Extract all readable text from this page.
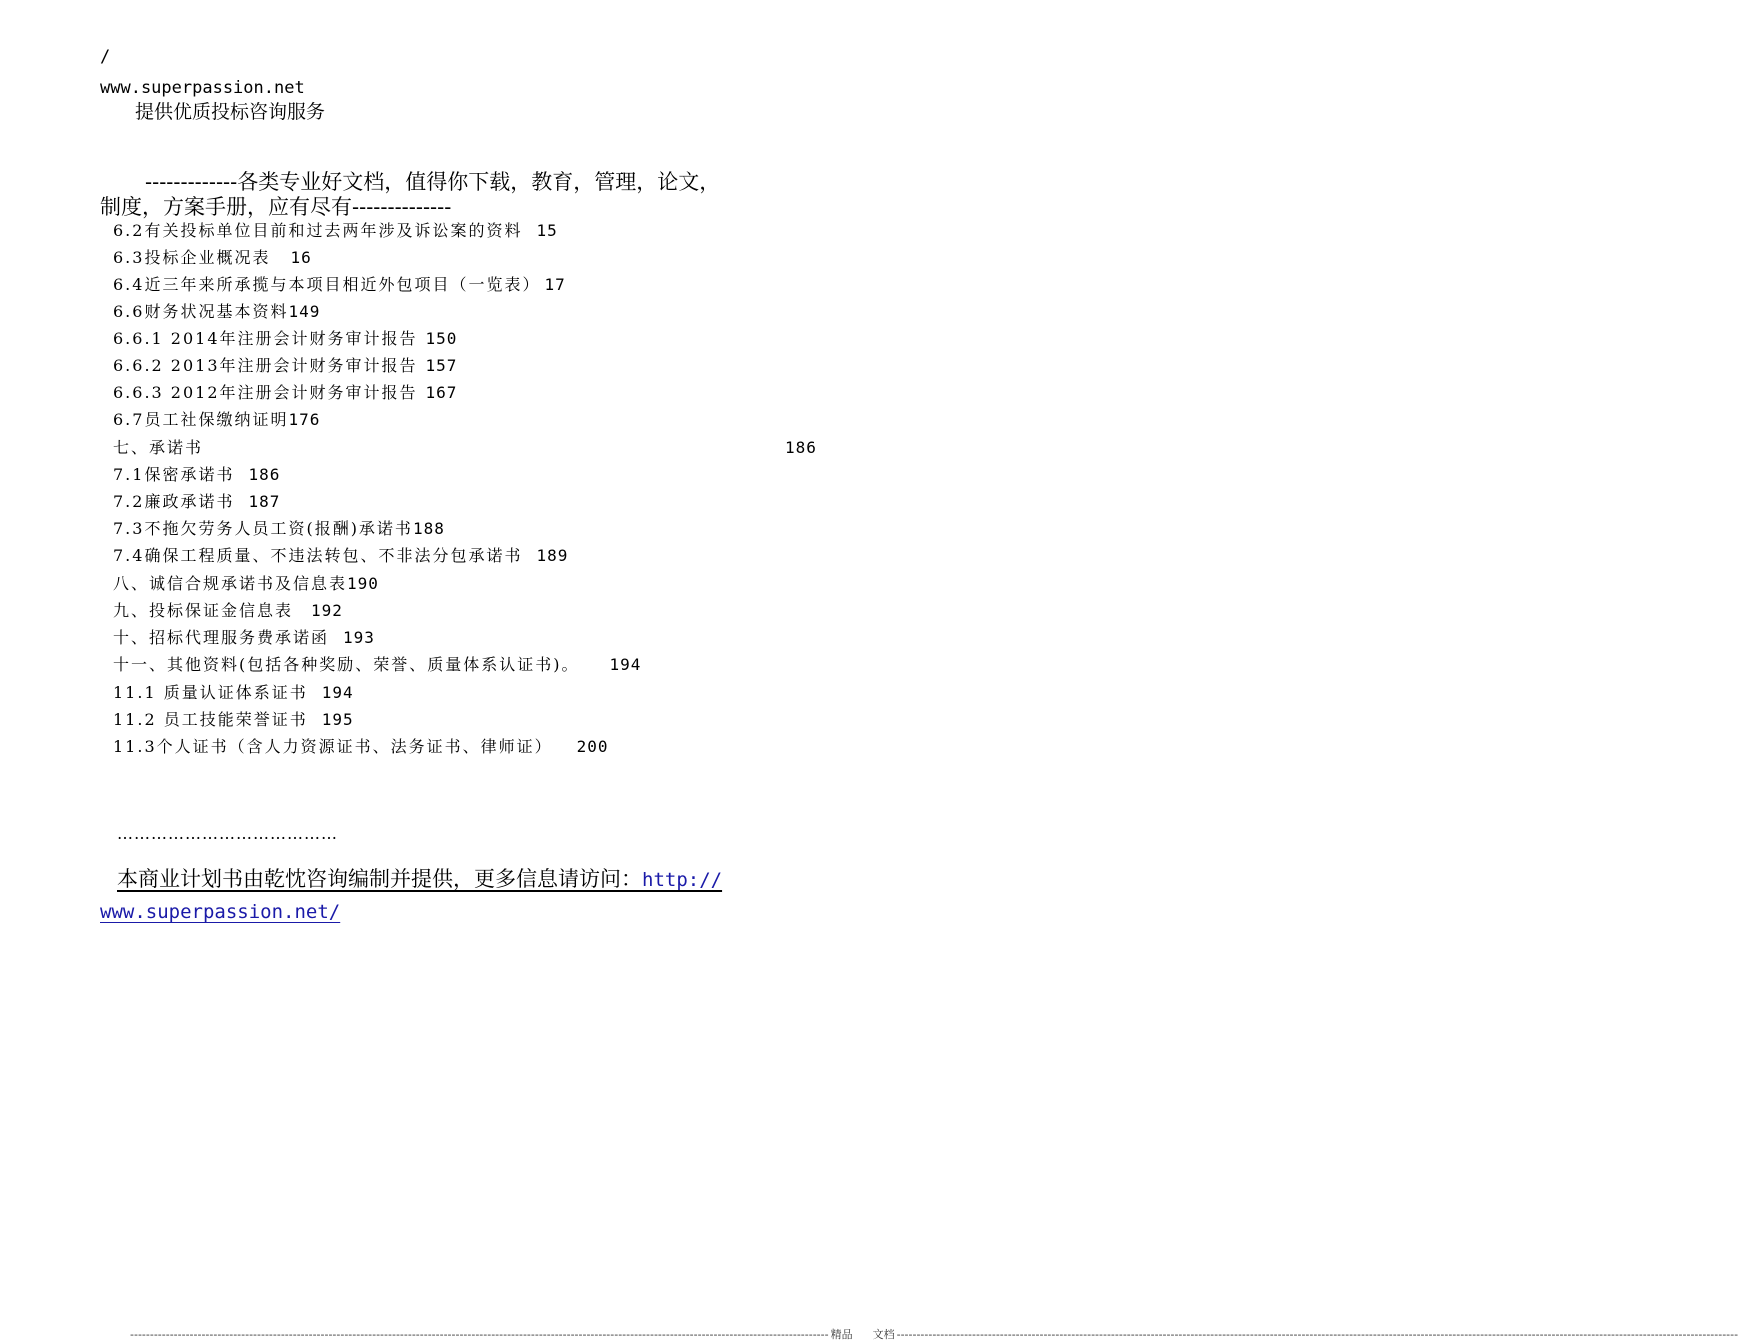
/
www.superpassion.net
提供优质投标咨询服务
-------------各类专业好文档，值得你下载，教育，管理，论文，
制度，方案手册，应有尽有--------------
6.2有关投标单位目前和过去两年涉及诉讼案的资料 15
6.3投标企业概况表 16
6.4近三年来所承揽与本项目相近外包项目（一览表） 17
6.6财务状况基本资料149
6.6.1 2014年注册会计财务审计报告 150
6.6.2 2013年注册会计财务审计报告 157
6.6.3 2012年注册会计财务审计报告 167
6.7员工社保缴纳证明176
七、承诺书	186
7.1保密承诺书 186
7.2廉政承诺书 187
7.3不拖欠劳务人员工资(报酬)承诺书188
7.4确保工程质量、不违法转包、不非法分包承诺书 189
八、诚信合规承诺书及信息表190
九、投标保证金信息表 192
十、招标代理服务费承诺函 193
十一、其他资料(包括各种奖励、荣誉、质量体系认证书)。 194
11.1 质量认证体系证书 194
11.2 员工技能荣誉证书 195
11.3个人证书（含人力资源证书、法务证书、律师证） 200
…………………………………
本商业计划书由乾忱咨询编制并提供，更多信息请访问：http://
www.superpassion.net/
-------------------------------------------------------------------------------------------------------------------------------------------------------------------------------- 精品	文档 --------------------------------------------------------------------------------------------------------------------------------------------------------------------------------------------------------------------
